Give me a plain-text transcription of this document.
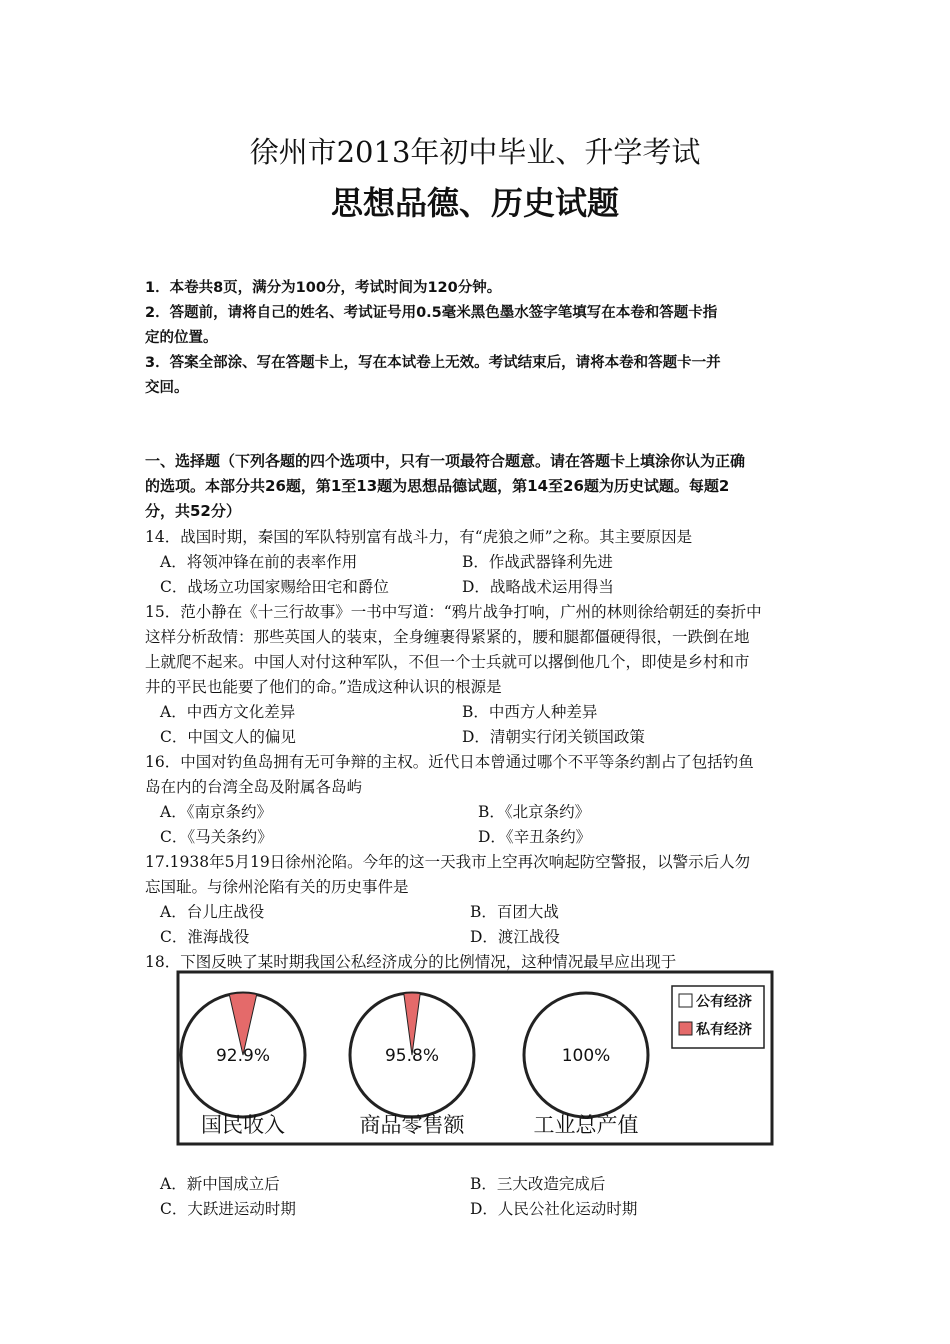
徐州市2013年初中毕业、升学考试
思想品德、历史试题
1．本卷共8页，满分为100分，考试时间为120分钟。
2．答题前，请将自己的姓名、考试证号用0.5毫米黑色墨水签字笔填写在本卷和答题卡指
定的位置。
3．答案全部涂、写在答题卡上，写在本试卷上无效。考试结束后，请将本卷和答题卡一并
交回。
一、选择题（下列各题的四个选项中，只有一项最符合题意。请在答题卡上填涂你认为正确
的选项。本部分共26题，第1至13题为思想品德试题，第14至26题为历史试题。每题2
分，共52分）
14．战国时期，秦国的军队特别富有战斗力，有“虎狼之师”之称。其主要原因是
A．将领冲锋在前的表率作用	B．作战武器锋利先进
C．战场立功国家赐给田宅和爵位	D．战略战术运用得当
15．范小静在《十三行故事》一书中写道：“鸦片战争打响，广州的林则徐给朝廷的奏折中
这样分析敌情：那些英国人的装束，全身缠裹得紧紧的，腰和腿都僵硬得很，一跌倒在地
上就爬不起来。中国人对付这种军队，不但一个士兵就可以撂倒他几个，即使是乡村和市
井的平民也能要了他们的命。”造成这种认识的根源是
A．中西方文化差异	B．中西方人种差异
C．中国文人的偏见	D．清朝实行闭关锁国政策
16．中国对钓鱼岛拥有无可争辩的主权。近代日本曾通过哪个不平等条约割占了包括钓鱼
岛在内的台湾全岛及附属各岛屿
A．《南京条约》	B．《北京条约》
C．《马关条约》	D．《辛丑条约》
17.1938年5月19日徐州沦陷。今年的这一天我市上空再次响起防空警报，以警示后人勿
忘国耻。与徐州沦陷有关的历史事件是
A．台儿庄战役	B．百团大战
C．淮海战役	D．渡江战役
18．下图反映了某时期我国公私经济成分的比例情况，这种情况最早应出现于
92.9%
国民收入
95.8%
商品零售额
100%
工业总产值
公有经济
私有经济
A．新中国成立后	B．三大改造完成后
C．大跃进运动时期	D．人民公社化运动时期
